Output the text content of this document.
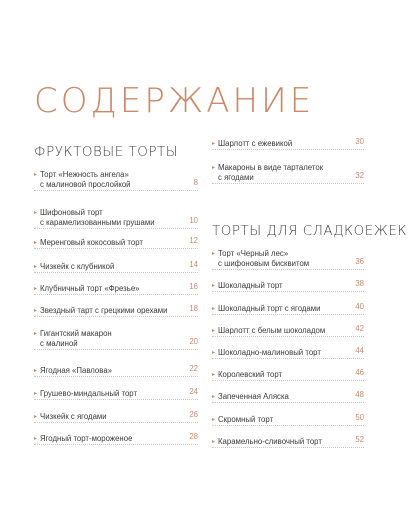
СОДЕРЖАНИЕ
ФРУКТОВЫЕ ТОРТЫ
ТОРТЫ ДЛЯ СЛАДКОЕЖЕК
▸ Торт «Нежность ангела»
с малиновой прослойкой	8
▸ Шифоновый торт
с карамелизованными грушами	10
▸ Меренговый кокосовый торт	12
▸ Чизкейк с клубникой	14
▸ Клубничный торт «Фрезье»	16
▸ Звездный тарт с грецкими орехами	18
▸ Гигантский макарон
с малиной	20
▸ Ягодная «Павлова»	22
▸ Грушево-миндальный торт	24
▸ Чизкейк с ягодами	26
▸ Ягодный торт-мороженое	28
▸ Шарлотт с ежевикой	30
▸ Макароны в виде тарталеток
с ягодами	32
▸ Торт «Черный лес»
с шифоновым бисквитом	36
▸ Шоколадный торт	38
▸ Шоколадный торт с ягодами	40
▸ Шарлотт с белым шоколадом	42
▸ Шоколадно-малиновый торт	44
▸ Королевский торт	46
▸ Запеченная Аляска	48
▸ Скромный торт	50
▸ Карамельно-сливочный торт	52
